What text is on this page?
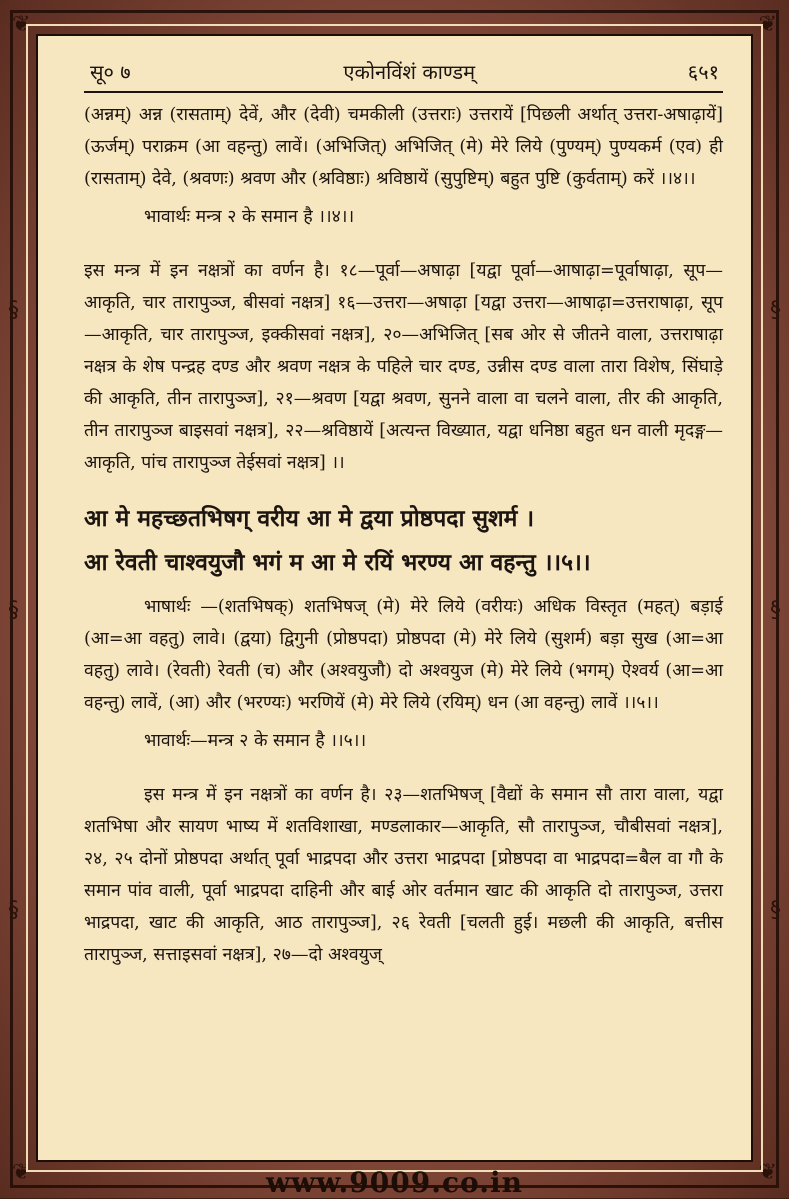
❦	❦
❦	❦
§
§
§
§
§
§
सू० ७	एकोनविंशं काण्डम्	६५१

(अन्नम्) अन्न (रासताम्) देवें, और (देवी) चमकीली (उत्तराः) उत्तरायें [पिछली अर्थात् उत्तरा-अषाढ़ायें] (ऊर्जम्) पराक्रम (आ वहन्तु) लावें। (अभिजित्) अभिजित् (मे) मेरे लिये (पुण्यम्) पुण्यकर्म (एव) ही (रासताम्) देवे, (श्रवणः) श्रवण और (श्रविष्ठाः) श्रविष्ठायें (सुपुष्टिम्) बहुत पुष्टि (कुर्वताम्) करें ।।४।।

भावार्थः मन्त्र २ के समान है ।।४।।

इस मन्त्र में इन नक्षत्रों का वर्णन है। १८—पूर्वा—अषाढ़ा [यद्वा पूर्वा—आषाढ़ा=पूर्वाषाढ़ा, सूप—आकृति, चार तारापुञ्ज, बीसवां नक्षत्र] १६—उत्तरा—अषाढ़ा [यद्वा उत्तरा—आषाढ़ा=उत्तराषाढ़ा, सूप—आकृति, चार तारापुञ्ज, इक्कीसवां नक्षत्र], २०—अभिजित् [सब ओर से जीतने वाला, उत्तराषाढ़ा नक्षत्र के शेष पन्द्रह दण्ड और श्रवण नक्षत्र के पहिले चार दण्ड, उन्नीस दण्ड वाला तारा विशेष, सिंघाड़े की आकृति, तीन तारापुञ्ज], २१—श्रवण [यद्वा श्रवण, सुनने वाला वा चलने वाला, तीर की आकृति, तीन तारापुञ्ज बाइसवां नक्षत्र], २२—श्रविष्ठायें [अत्यन्त विख्यात, यद्वा धनिष्ठा बहुत धन वाली मृदङ्ग—आकृति, पांच तारापुञ्ज तेईसवां नक्षत्र] ।।

आ मे महच्छतभिषग् वरीय आ मे द्वया प्रोष्ठपदा सुशर्म ।
आ रेवती चाश्वयुजौ भगं म आ मे रयिं भरण्य आ वहन्तु ।।५।।

भाषार्थः —(शतभिषक्) शतभिषज् (मे) मेरे लिये (वरीयः) अधिक विस्तृत (महत्) बड़ाई (आ=आ वहतु) लावे। (द्वया) द्विगुनी (प्रोष्ठपदा) प्रोष्ठपदा (मे) मेरे लिये (सुशर्म) बड़ा सुख (आ=आ वहतु) लावे। (रेवती) रेवती (च) और (अश्वयुजौ) दो अश्वयुज (मे) मेरे लिये (भगम्) ऐश्वर्य (आ=आ वहन्तु) लावें, (आ) और (भरण्यः) भरणियें (मे) मेरे लिये (रयिम्) धन (आ वहन्तु) लावें ।।५।।

भावार्थः—मन्त्र २ के समान है ।।५।।

इस मन्त्र में इन नक्षत्रों का वर्णन है। २३—शतभिषज् [वैद्यों के समान सौ तारा वाला, यद्वा शतभिषा और सायण भाष्य में शतविशाखा, मण्डलाकार—आकृति, सौ तारापुञ्ज, चौबीसवां नक्षत्र], २४, २५ दोनों प्रोष्ठपदा अर्थात् पूर्वा भाद्रपदा और उत्तरा भाद्रपदा [प्रोष्ठपदा वा भाद्रपदा=बैल वा गौ के समान पांव वाली, पूर्वा भाद्रपदा दाहिनी और बाई ओर वर्तमान खाट की आकृति दो तारापुञ्ज, उत्तरा भाद्रपदा, खाट की आकृति, आठ तारापुञ्ज], २६ रेवती [चलती हुई। मछली की आकृति, बत्तीस तारापुञ्ज, सत्ताइसवां नक्षत्र], २७—दो अश्वयुज्

www.9009.co.in
